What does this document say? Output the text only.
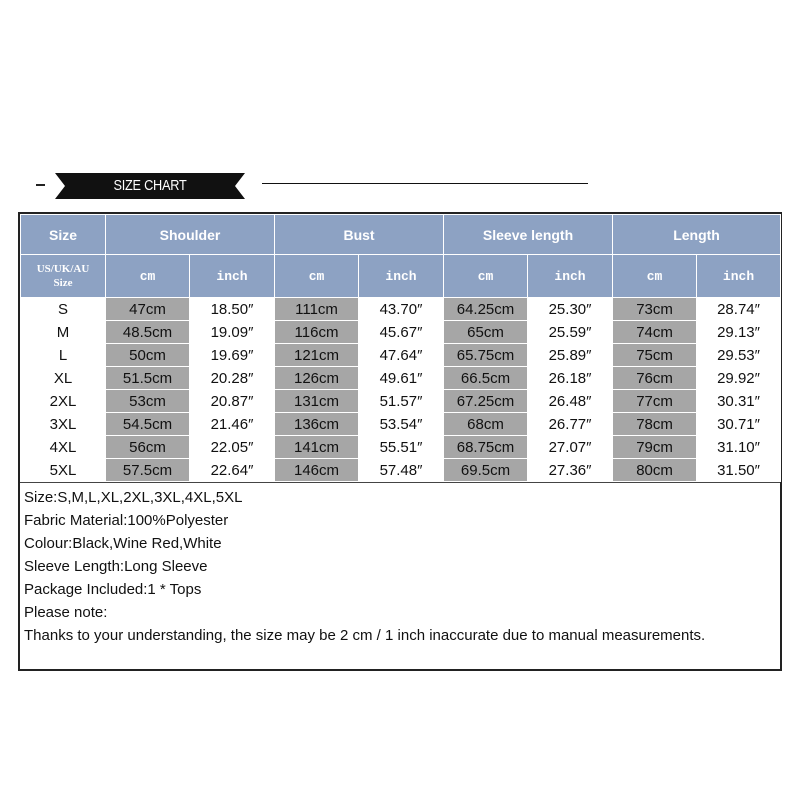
SIZE CHART
Size	Shoulder		Bust		Sleeve length		Length	
US/UK/AU
Size	cm	inch	cm	inch	cm	inch	cm	inch
S	47cm	18.50″	111cm	43.70″	64.25cm	25.30″	73cm	28.74″
M	48.5cm	19.09″	116cm	45.67″	65cm	25.59″	74cm	29.13″
L	50cm	19.69″	121cm	47.64″	65.75cm	25.89″	75cm	29.53″
XL	51.5cm	20.28″	126cm	49.61″	66.5cm	26.18″	76cm	29.92″
2XL	53cm	20.87″	131cm	51.57″	67.25cm	26.48″	77cm	30.31″
3XL	54.5cm	21.46″	136cm	53.54″	68cm	26.77″	78cm	30.71″
4XL	56cm	22.05″	141cm	55.51″	68.75cm	27.07″	79cm	31.10″
5XL	57.5cm	22.64″	146cm	57.48″	69.5cm	27.36″	80cm	31.50″
Size:S,M,L,XL,2XL,3XL,4XL,5XL
Fabric Material:100%Polyester
Colour:Black,Wine Red,White
Sleeve Length:Long Sleeve
Package Included:1 * Tops
Please note:
Thanks to your understanding, the size may be 2 cm / 1 inch inaccurate due to manual measurements.
